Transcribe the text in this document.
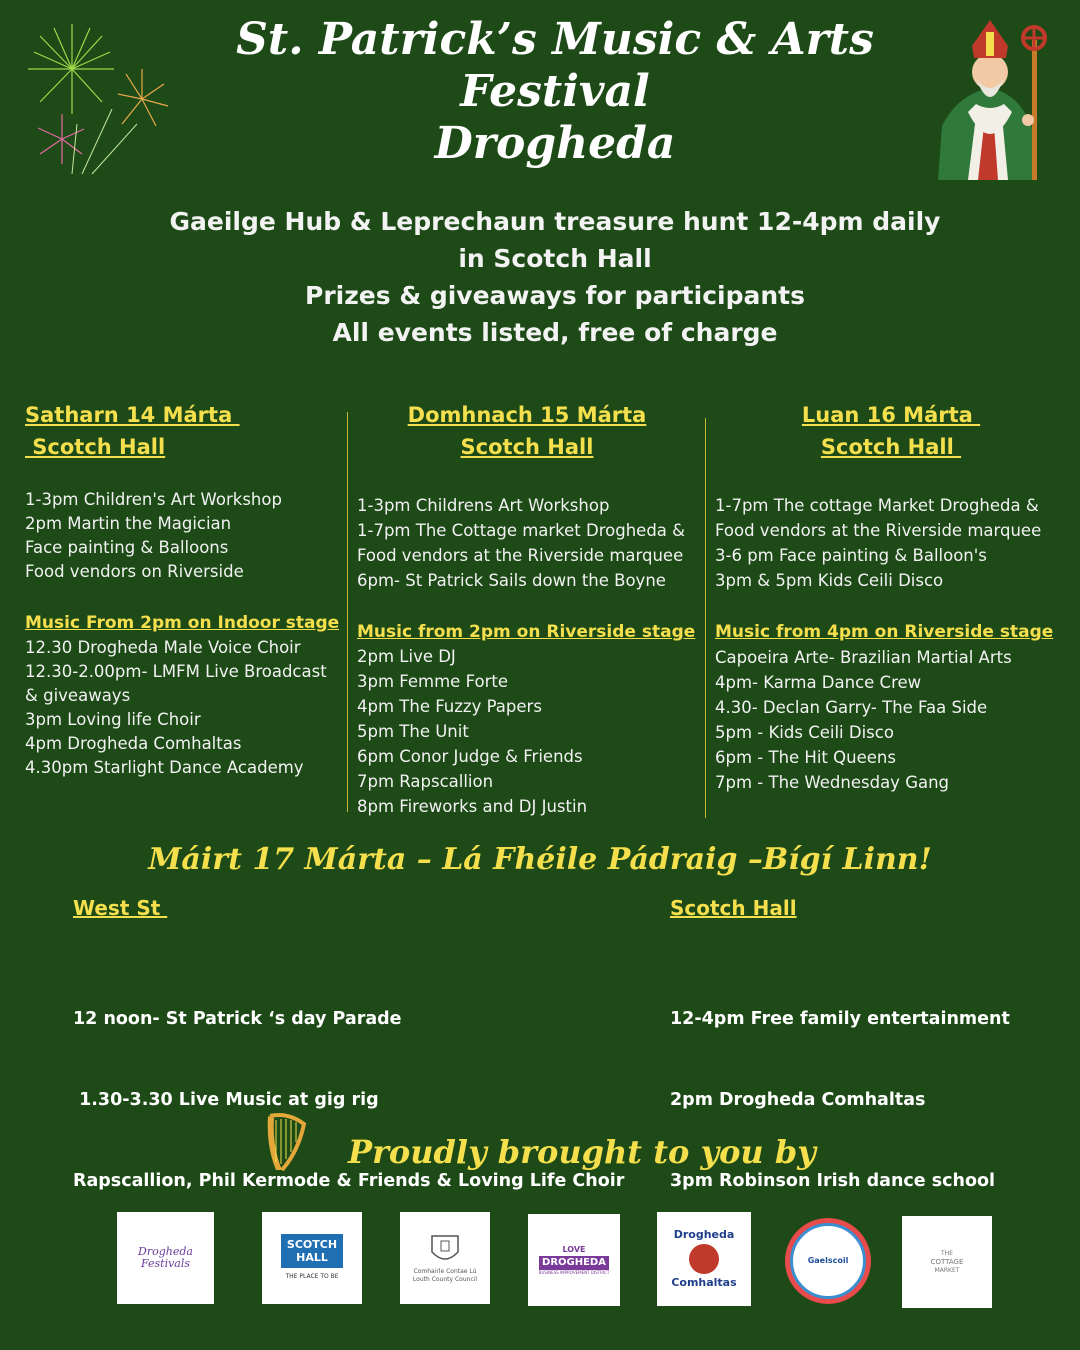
St. Patrick’s Music & Arts
Festival
Drogheda
Gaeilge Hub & Leprechaun treasure hunt 12-4pm daily
in Scotch Hall
Prizes & giveaways for participants
All events listed, free of charge
Satharn 14 Márta
Scotch Hall
1-3pm Children's Art Workshop
2pm Martin the Magician
Face painting & Balloons
Food vendors on Riverside
Music From 2pm on Indoor stage
12.30 Drogheda Male Voice Choir
12.30-2.00pm- LMFM Live Broadcast
& giveaways
3pm Loving life Choir
4pm Drogheda Comhaltas
4.30pm Starlight Dance Academy
Domhnach 15 Márta
Scotch Hall
1-3pm Childrens Art Workshop
1-7pm The Cottage market Drogheda &
Food vendors at the Riverside marquee
6pm- St Patrick Sails down the Boyne
Music from 2pm on Riverside stage
2pm Live DJ
3pm Femme Forte
4pm The Fuzzy Papers
5pm The Unit
6pm Conor Judge & Friends
7pm Rapscallion
8pm Fireworks and DJ Justin
Luan 16 Márta
Scotch Hall
1-7pm The cottage Market Drogheda &
Food vendors at the Riverside marquee
3-6 pm Face painting & Balloon's
3pm & 5pm Kids Ceili Disco
Music from 4pm on Riverside stage
Capoeira Arte- Brazilian Martial Arts
4pm- Karma Dance Crew
4.30- Declan Garry- The Faa Side
5pm - Kids Ceili Disco
6pm - The Hit Queens
7pm - The Wednesday Gang
Máirt 17 Márta – Lá Fhéile Pádraig –Bígí Linn!
West St

12 noon- St Patrick ‘s day Parade

1.30-3.30 Live Music at gig rig

Rapscallion, Phil Kermode & Friends & Loving Life Choir

Scotch Hall

12-4pm Free family entertainment

2pm Drogheda Comhaltas

3pm Robinson Irish dance school

Proudly brought to you by
Drogheda Festivals
SCOTCH
HALL
THE PLACE TO BE
Comhairle Contae Lú
Louth County Council
LOVE
DROGHEDA
BUSINESS IMPROVEMENT DISTRICT
Drogheda
Comhaltas
Gaelscoil
THE
COTTAGE
MARKET
